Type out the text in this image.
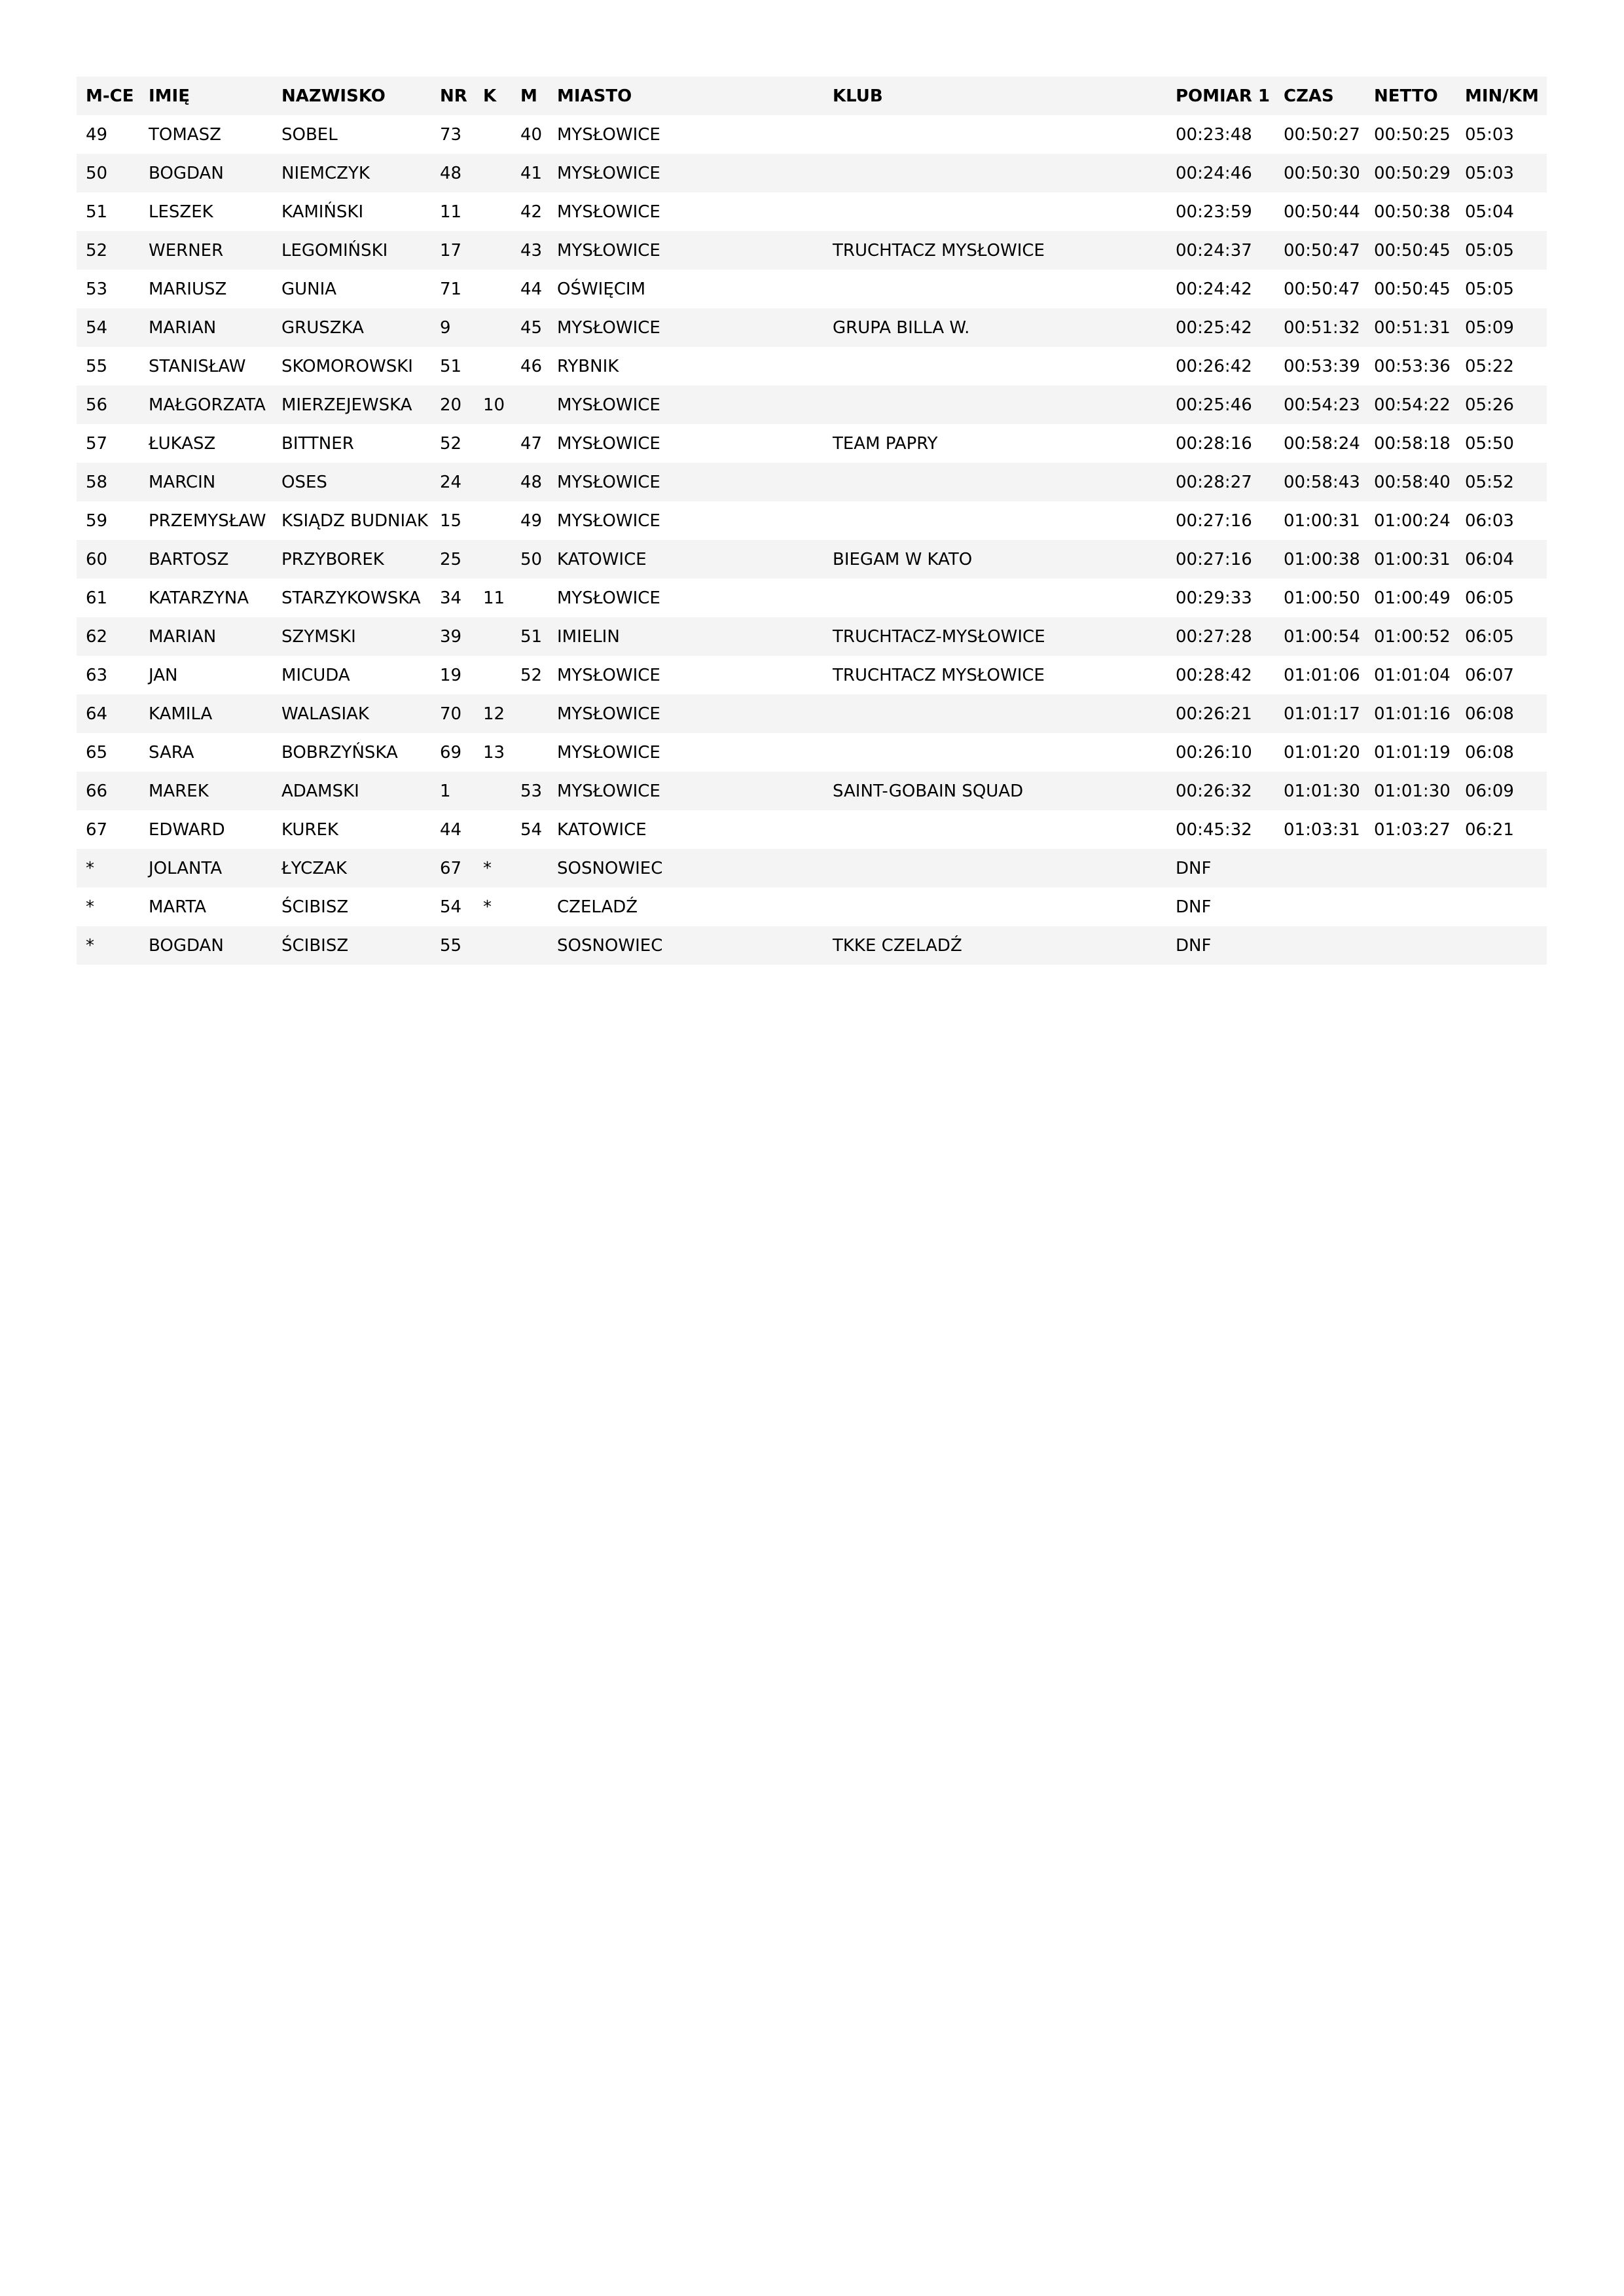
M-CE	IMIĘ	NAZWISKO	NR	K	M	MIASTO	KLUB	POMIAR 1	CZAS	NETTO	MIN/KM
49	TOMASZ	SOBEL	73		40	MYSŁOWICE		00:23:48	00:50:27	00:50:25	05:03
50	BOGDAN	NIEMCZYK	48		41	MYSŁOWICE		00:24:46	00:50:30	00:50:29	05:03
51	LESZEK	KAMIŃSKI	11		42	MYSŁOWICE		00:23:59	00:50:44	00:50:38	05:04
52	WERNER	LEGOMIŃSKI	17		43	MYSŁOWICE	TRUCHTACZ MYSŁOWICE	00:24:37	00:50:47	00:50:45	05:05
53	MARIUSZ	GUNIA	71		44	OŚWIĘCIM		00:24:42	00:50:47	00:50:45	05:05
54	MARIAN	GRUSZKA	9		45	MYSŁOWICE	GRUPA BILLA W.	00:25:42	00:51:32	00:51:31	05:09
55	STANISŁAW	SKOMOROWSKI	51		46	RYBNIK		00:26:42	00:53:39	00:53:36	05:22
56	MAŁGORZATA	MIERZEJEWSKA	20	10		MYSŁOWICE		00:25:46	00:54:23	00:54:22	05:26
57	ŁUKASZ	BITTNER	52		47	MYSŁOWICE	TEAM PAPRY	00:28:16	00:58:24	00:58:18	05:50
58	MARCIN	OSES	24		48	MYSŁOWICE		00:28:27	00:58:43	00:58:40	05:52
59	PRZEMYSŁAW	KSIĄDZ BUDNIAK	15		49	MYSŁOWICE		00:27:16	01:00:31	01:00:24	06:03
60	BARTOSZ	PRZYBOREK	25		50	KATOWICE	BIEGAM W KATO	00:27:16	01:00:38	01:00:31	06:04
61	KATARZYNA	STARZYKOWSKA	34	11		MYSŁOWICE		00:29:33	01:00:50	01:00:49	06:05
62	MARIAN	SZYMSKI	39		51	IMIELIN	TRUCHTACZ-MYSŁOWICE	00:27:28	01:00:54	01:00:52	06:05
63	JAN	MICUDA	19		52	MYSŁOWICE	TRUCHTACZ MYSŁOWICE	00:28:42	01:01:06	01:01:04	06:07
64	KAMILA	WALASIAK	70	12		MYSŁOWICE		00:26:21	01:01:17	01:01:16	06:08
65	SARA	BOBRZYŃSKA	69	13		MYSŁOWICE		00:26:10	01:01:20	01:01:19	06:08
66	MAREK	ADAMSKI	1		53	MYSŁOWICE	SAINT-GOBAIN SQUAD	00:26:32	01:01:30	01:01:30	06:09
67	EDWARD	KUREK	44		54	KATOWICE		00:45:32	01:03:31	01:03:27	06:21
*	JOLANTA	ŁYCZAK	67	*		SOSNOWIEC		DNF			
*	MARTA	ŚCIBISZ	54	*		CZELADŹ		DNF			
*	BOGDAN	ŚCIBISZ	55			SOSNOWIEC	TKKE CZELADŹ	DNF			
